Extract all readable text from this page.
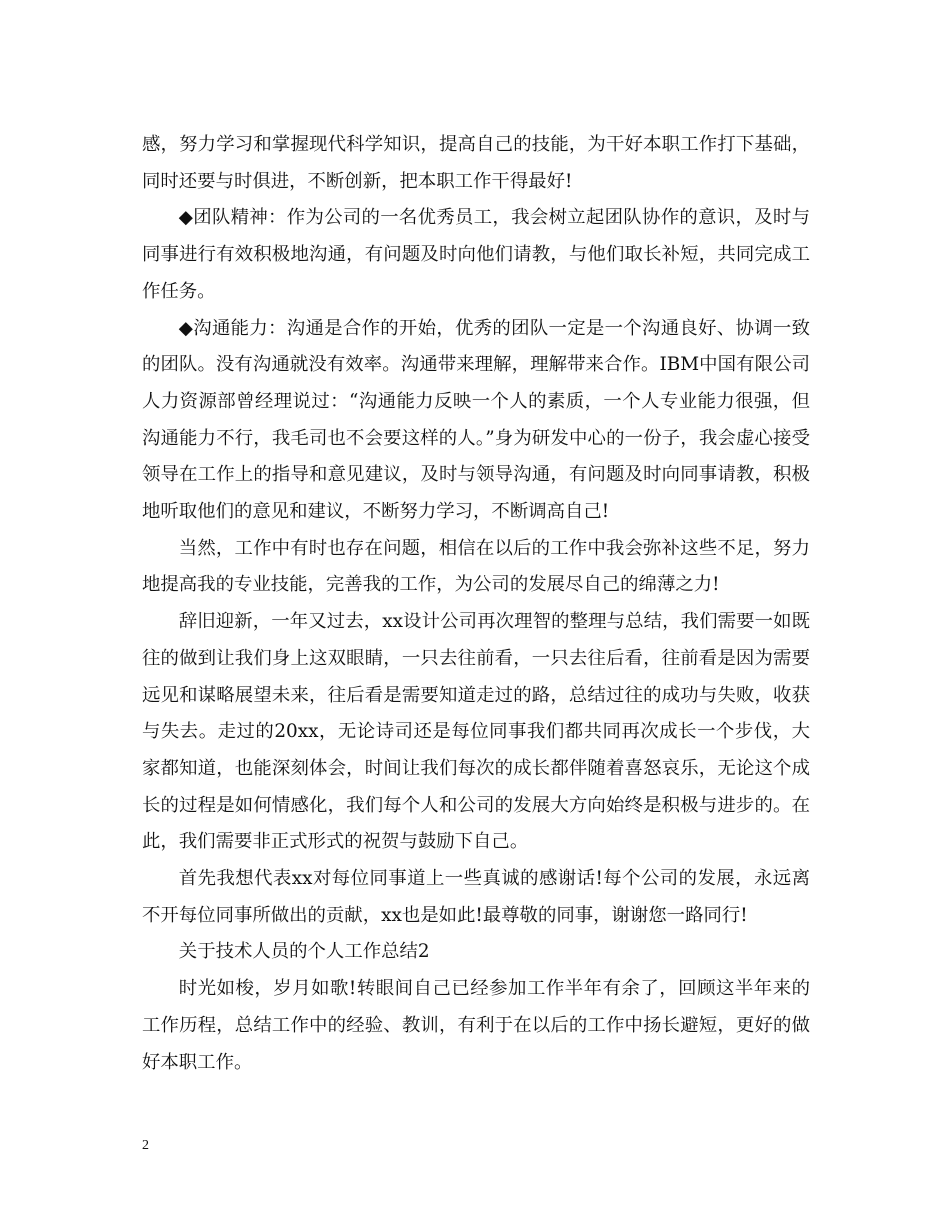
感，努力学习和掌握现代科学知识，提高自己的技能，为干好本职工作打下基础，同时还要与时俱进，不断创新，把本职工作干得最好!

◆团队精神：作为公司的一名优秀员工，我会树立起团队协作的意识，及时与同事进行有效积极地沟通，有问题及时向他们请教，与他们取长补短，共同完成工作任务。

◆沟通能力：沟通是合作的开始，优秀的团队一定是一个沟通良好、协调一致的团队。没有沟通就没有效率。沟通带来理解，理解带来合作。IBM中国有限公司人力资源部曾经理说过：“沟通能力反映一个人的素质，一个人专业能力很强，但沟通能力不行，我毛司也不会要这样的人。”身为研发中心的一份子，我会虚心接受领导在工作上的指导和意见建议，及时与领导沟通，有问题及时向同事请教，积极地听取他们的意见和建议，不断努力学习，不断调高自己!

当然，工作中有时也存在问题，相信在以后的工作中我会弥补这些不足，努力地提高我的专业技能，完善我的工作，为公司的发展尽自己的绵薄之力!

辞旧迎新，一年又过去，xx设计公司再次理智的整理与总结，我们需要一如既往的做到让我们身上这双眼睛，一只去往前看，一只去往后看，往前看是因为需要远见和谋略展望未来，往后看是需要知道走过的路，总结过往的成功与失败，收获与失去。走过的20xx，无论诗司还是每位同事我们都共同再次成长一个步伐，大家都知道，也能深刻体会，时间让我们每次的成长都伴随着喜怒哀乐，无论这个成长的过程是如何情感化，我们每个人和公司的发展大方向始终是积极与进步的。在此，我们需要非正式形式的祝贺与鼓励下自己。

首先我想代表xx对每位同事道上一些真诚的感谢话!每个公司的发展，永远离不开每位同事所做出的贡献，xx也是如此!最尊敬的同事，谢谢您一路同行!

关于技术人员的个人工作总结2

时光如梭，岁月如歌!转眼间自己已经参加工作半年有余了，回顾这半年来的工作历程，总结工作中的经验、教训，有利于在以后的工作中扬长避短，更好的做好本职工作。

2
